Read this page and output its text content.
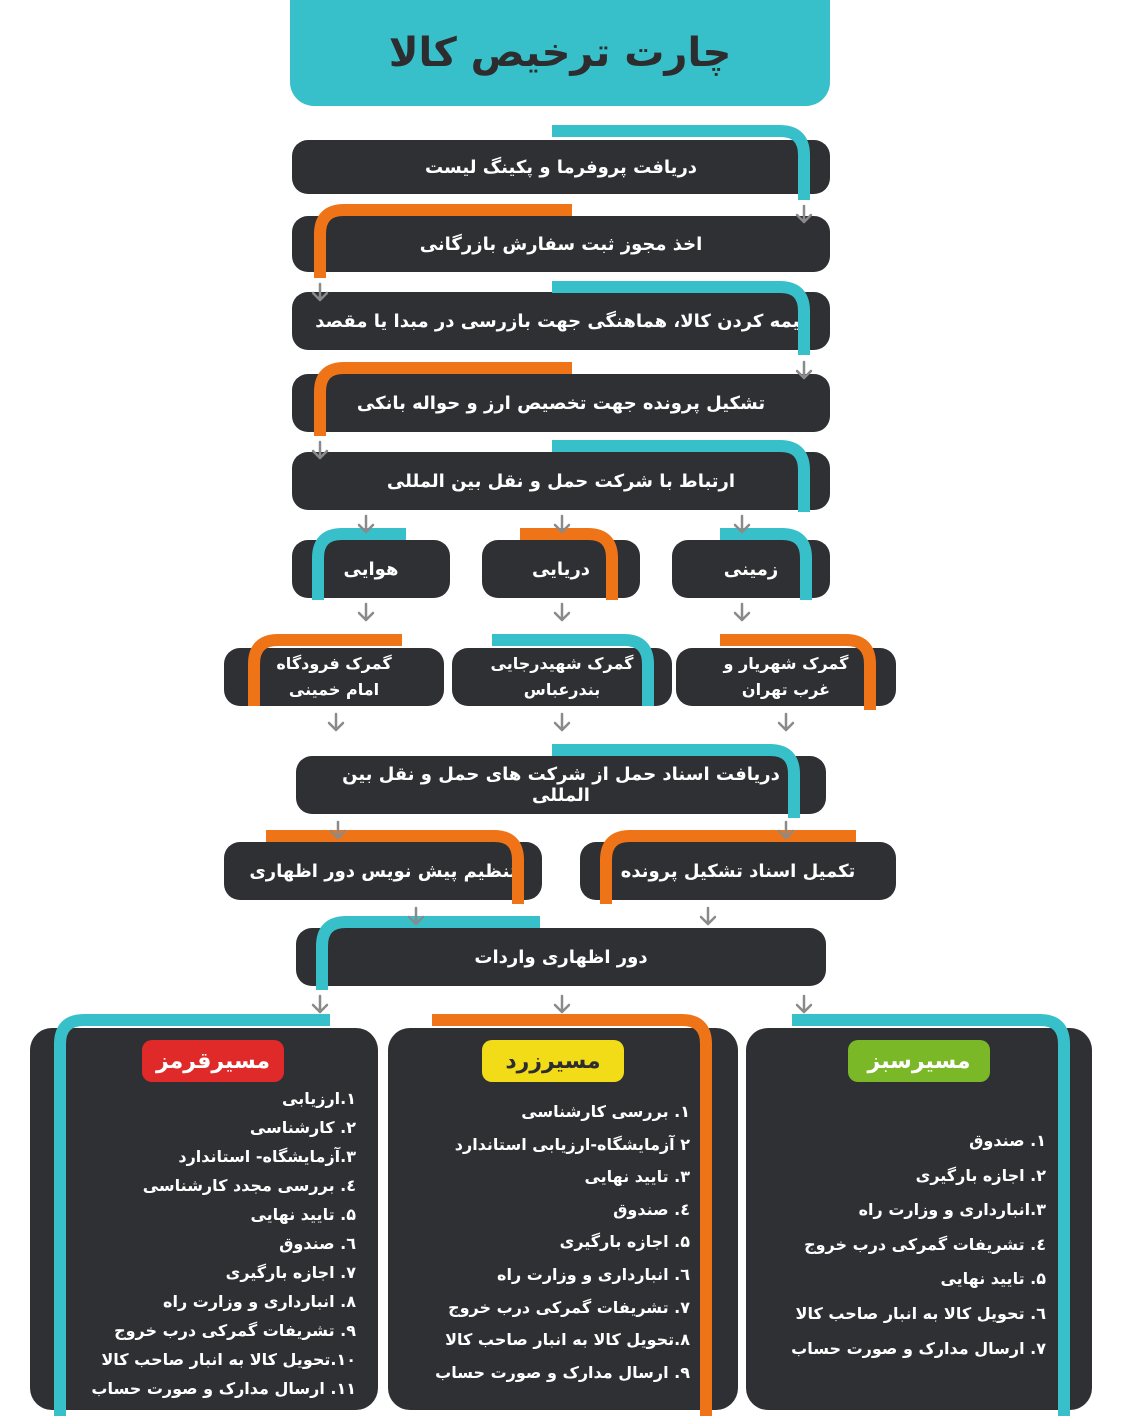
چارت ترخیص کالا
دریافت پروفرما و پکینگ لیست
اخذ مجوز ثبت سفارش بازرگانی
بیمه کردن کالا، هماهنگی جهت بازرسی در مبدا یا مقصد
تشکیل پرونده جهت تخصیص ارز و حواله بانکی
ارتباط با شرکت حمل و نقل بین المللی
زمینی
دریایی
هوایی
گمرک شهریار و
غرب تهران
گمرک شهیدرجایی
بندرعباس
گمرک فرودگاه
امام خمینی
دریافت اسناد حمل از شرکت های حمل و نقل بین المللی
تکمیل اسناد تشکیل پرونده
تنظیم پیش نویس دور اظهاری
دور اظهاری واردات
مسیرسبز
۱. صندوق
۲. اجازه بارگیری
۳.انبارداری و وزارت راه
٤. تشریفات گمرکی درب خروج
۵. تایید نهایی
٦. تحویل کالا به انبار صاحب کالا
۷. ارسال مدارک و صورت حساب
مسیرزرد
۱. بررسی کارشناسی
۲ آزمایشگاه-ارزیابی استاندارد
۳. تایید نهایی
٤. صندوق
۵. اجازه بارگیری
٦. انبارداری و وزارت راه
۷. تشریفات گمرکی درب خروج
۸.تحویل کالا به انبار صاحب کالا
۹. ارسال مدارک و صورت حساب
مسیرقرمز
۱.ارزیابی
۲. کارشناسی
۳.آزمایشگاه- استاندارد
٤. بررسی مجدد کارشناسی
۵. تایید نهایی
٦. صندوق
۷. اجازه بارگیری
۸. انبارداری و وزارت راه
۹. تشریفات گمرکی درب خروج
۱۰.تحویل کالا به انبار صاحب کالا
۱۱. ارسال مدارک و صورت حساب
